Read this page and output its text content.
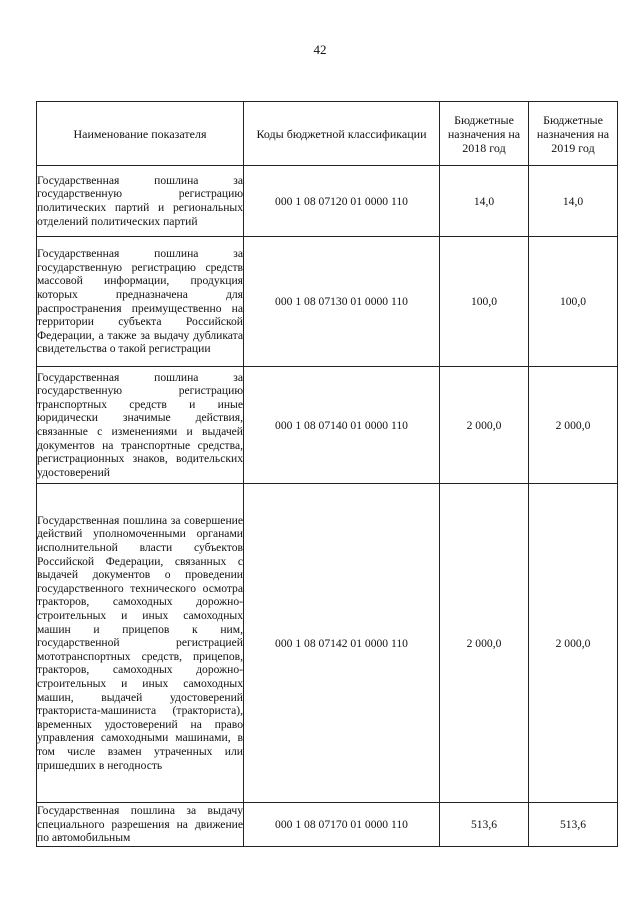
42
Наименование показателя	Коды бюджетной классификации	Бюджетные назначения на 2018 год	Бюджетные назначения на 2019 год
Государственная пошлина за государственную регистрацию политических партий и региональных отделений политических партий	000 1 08 07120 01 0000 110	14,0	14,0
Государственная пошлина за государственную регистрацию средств массовой информации, продукция которых предназначена для распространения преимущественно на территории субъекта Российской Федерации, а также за выдачу дубликата свидетельства о такой регистрации	000 1 08 07130 01 0000 110	100,0	100,0
Государственная пошлина за государственную регистрацию транспортных средств и иные юридически значимые действия, связанные с изменениями и выдачей документов на транспортные средства, регистрационных знаков, водительских удостоверений	000 1 08 07140 01 0000 110	2 000,0	2 000,0
Государственная пошлина за совершение действий уполномоченными органами исполнительной власти субъектов Российской Федерации, связанных с выдачей документов о проведении государственного технического осмотра тракторов, самоходных дорожно-строительных и иных самоходных машин и прицепов к ним, государственной регистрацией мототранспортных средств, прицепов, тракторов, самоходных дорожно-строительных и иных самоходных машин, выдачей удостоверений тракториста-машиниста (тракториста), временных удостоверений на право управления самоходными машинами, в том числе взамен утраченных или пришедших в негодность	000 1 08 07142 01 0000 110	2 000,0	2 000,0
Государственная пошлина за выдачу специального разрешения на движение по автомобильным	000 1 08 07170 01 0000 110	513,6	513,6
